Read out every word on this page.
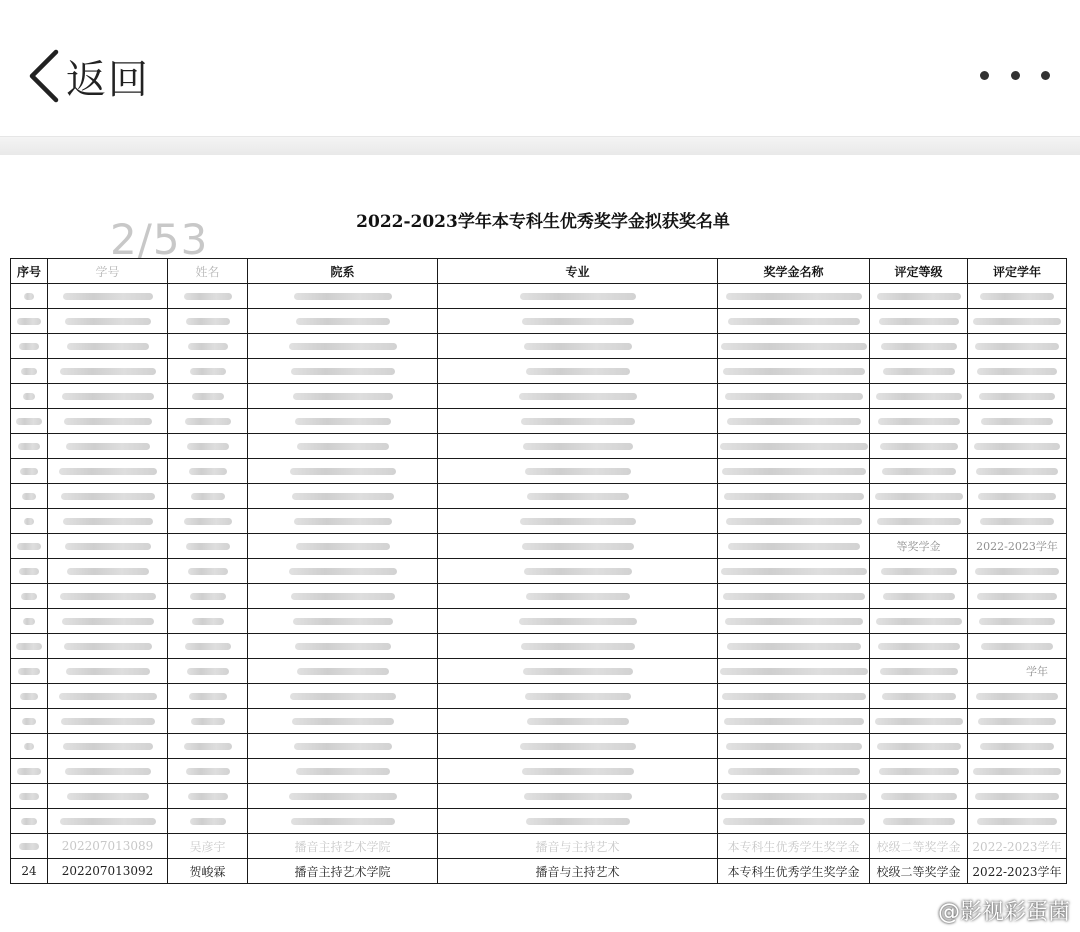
返回
2022-2023学年本专科生优秀奖学金拟获奖名单
2/53
序号	学号	姓名	院系	专业	奖学金名称	评定等级	评定学年

						等奖学金	2022-2023学年

							学年

	202207013089	吴彦宇	播音主持艺术学院	播音与主持艺术	本专科生优秀学生奖学金	校级二等奖学金	2022-2023学年
24	202207013092	贺峻霖	播音主持艺术学院	播音与主持艺术	本专科生优秀学生奖学金	校级二等奖学金	2022-2023学年
@影视彩蛋菌
